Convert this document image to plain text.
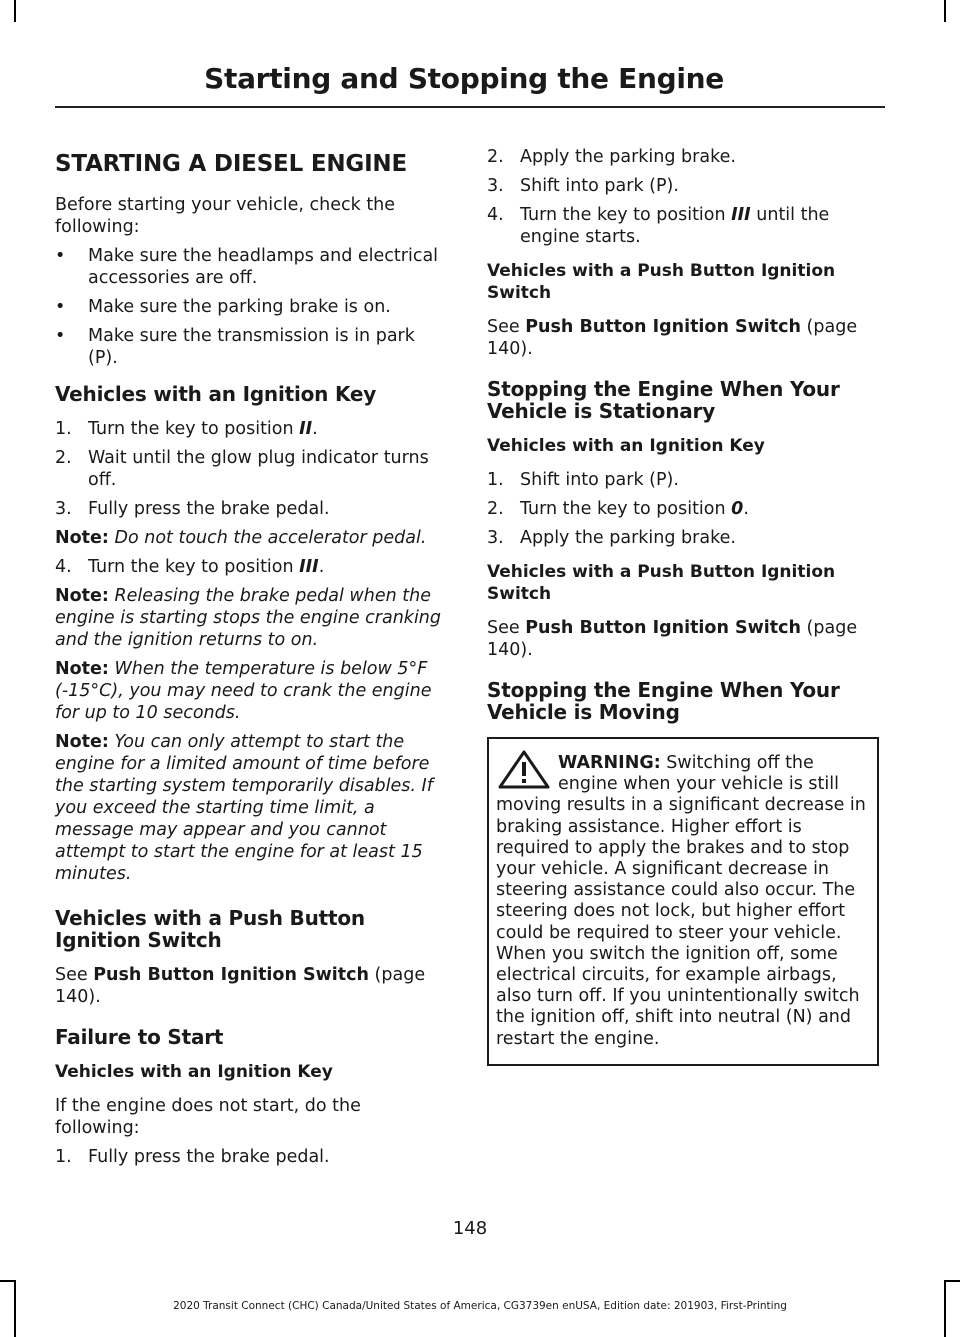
Starting and Stopping the Engine
STARTING A DIESEL ENGINE

Before starting your vehicle, check the following:

• Make sure the headlamps and electrical accessories are off.
• Make sure the parking brake is on.
• Make sure the transmission is in park (P).
Vehicles with an Ignition Key
1. Turn the key to position II.
2. Wait until the glow plug indicator turns off.
3. Fully press the brake pedal.

Note: Do not touch the accelerator pedal.

4. Turn the key to position III.

Note: Releasing the brake pedal when the engine is starting stops the engine cranking and the ignition returns to on.

Note: When the temperature is below 5°F (-15°C), you may need to crank the engine for up to 10 seconds.

Note: You can only attempt to start the engine for a limited amount of time before the starting system temporarily disables. If you exceed the starting time limit, a message may appear and you cannot attempt to start the engine for at least 15 minutes.

Vehicles with a Push Button Ignition Switch

See Push Button Ignition Switch (page 140).

Failure to Start
Vehicles with an Ignition Key

If the engine does not start, do the following:

1. Fully press the brake pedal.
2. Apply the parking brake.
3. Shift into park (P).
4. Turn the key to position III until the engine starts.
Vehicles with a Push Button Ignition Switch

See Push Button Ignition Switch (page 140).

Stopping the Engine When Your Vehicle is Stationary
Vehicles with an Ignition Key
1. Shift into park (P).
2. Turn the key to position 0.
3. Apply the parking brake.
Vehicles with a Push Button Ignition Switch

See Push Button Ignition Switch (page 140).

Stopping the Engine When Your Vehicle is Moving
WARNING: Switching off the engine when your vehicle is still moving results in a significant decrease in braking assistance. Higher effort is required to apply the brakes and to stop your vehicle. A significant decrease in steering assistance could also occur. The steering does not lock, but higher effort could be required to steer your vehicle. When you switch the ignition off, some electrical circuits, for example airbags, also turn off. If you unintentionally switch the ignition off, shift into neutral (N) and restart the engine.
148
2020 Transit Connect (CHC) Canada/United States of America, CG3739en enUSA, Edition date: 201903, First-Printing
